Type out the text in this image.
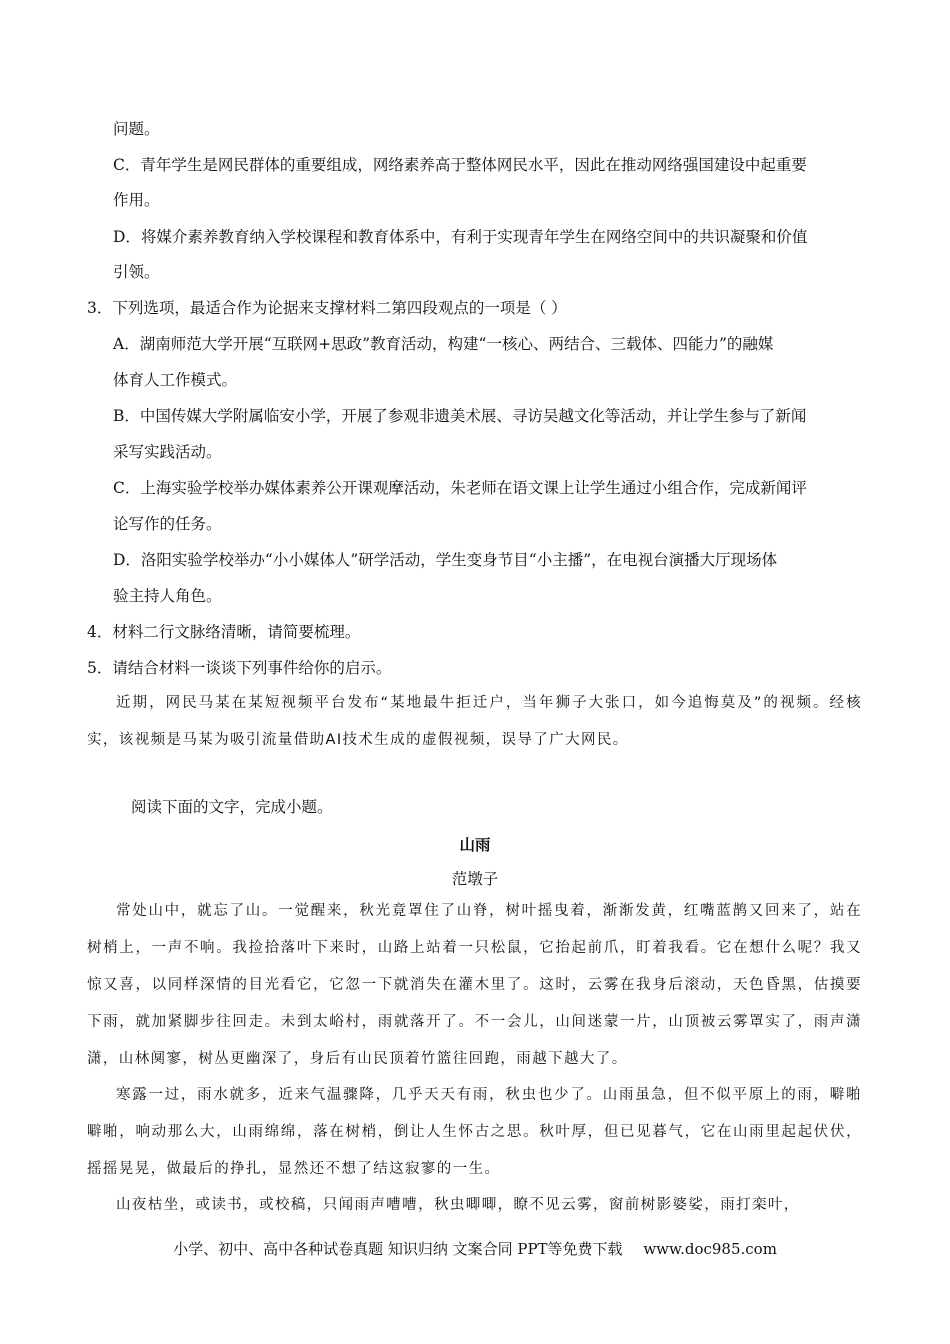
问题。
C．青年学生是网民群体的重要组成，网络素养高于整体网民水平，因此在推动网络强国建设中起重要
作用。
D．将媒介素养教育纳入学校课程和教育体系中，有利于实现青年学生在网络空间中的共识凝聚和价值
引领。
3．下列选项，最适合作为论据来支撑材料二第四段观点的一项是（ ）
A．湖南师范大学开展“互联网+思政”教育活动，构建“一核心、两结合、三载体、四能力”的融媒
体育人工作模式。
B．中国传媒大学附属临安小学，开展了参观非遗美术展、寻访吴越文化等活动，并让学生参与了新闻
采写实践活动。
C．上海实验学校举办媒体素养公开课观摩活动，朱老师在语文课上让学生通过小组合作，完成新闻评
论写作的任务。
D．洛阳实验学校举办“小小媒体人”研学活动，学生变身节目“小主播”，在电视台演播大厅现场体
验主持人角色。
4．材料二行文脉络清晰，请简要梳理。
5．请结合材料一谈谈下列事件给你的启示。
近期，网民马某在某短视频平台发布“某地最牛拒迁户，当年狮子大张口，如今追悔莫及”的视频。经核实，该视频是马某为吸引流量借助AI技术生成的虚假视频，误导了广大网民。
阅读下面的文字，完成小题。
山雨
范墩子
常处山中，就忘了山。一觉醒来，秋光竟罩住了山脊，树叶摇曳着，渐渐发黄，红嘴蓝鹊又回来了，站在树梢上，一声不响。我捡拾落叶下来时，山路上站着一只松鼠，它抬起前爪，盯着我看。它在想什么呢？我又惊又喜，以同样深情的目光看它，它忽一下就消失在灌木里了。这时，云雾在我身后滚动，天色昏黑，估摸要下雨，就加紧脚步往回走。未到太峪村，雨就落开了。不一会儿，山间迷蒙一片，山顶被云雾罩实了，雨声潇潇，山林阒寥，树丛更幽深了，身后有山民顶着竹篮往回跑，雨越下越大了。
寒露一过，雨水就多，近来气温骤降，几乎天天有雨，秋虫也少了。山雨虽急，但不似平原上的雨，噼啪噼啪，响动那么大，山雨绵绵，落在树梢，倒让人生怀古之思。秋叶厚，但已见暮气，它在山雨里起起伏伏，摇摇晃晃，做最后的挣扎，显然还不想了结这寂寥的一生。
山夜枯坐，或读书，或校稿，只闻雨声嘈嘈，秋虫唧唧，瞭不见云雾，窗前树影婆娑，雨打栾叶，
小学、初中、高中各种试卷真题 知识归纳 文案合同 PPT等免费下载 www.doc985.com
